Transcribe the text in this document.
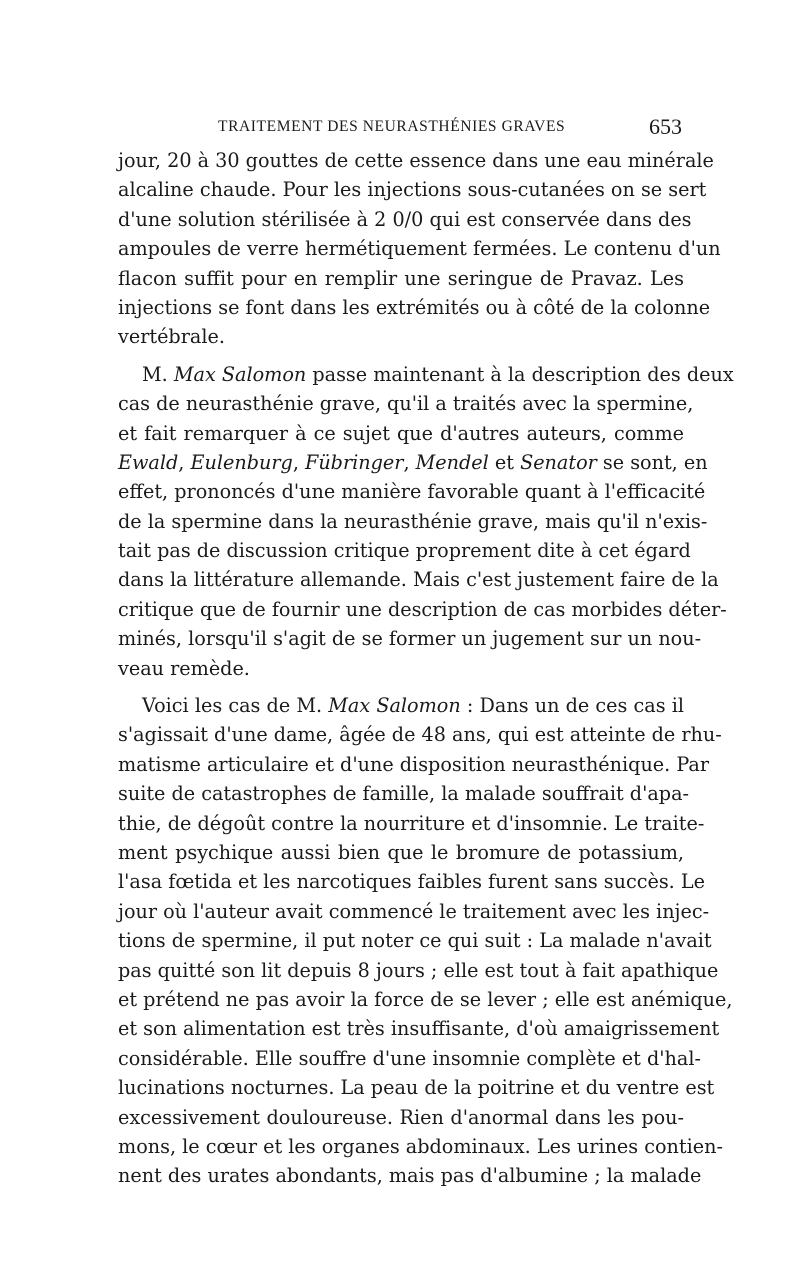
TRAITEMENT DES NEURASTHÉNIES GRAVES	653
jour, 20 à 30 gouttes de cette essence dans une eau minérale
alcaline chaude. Pour les injections sous-cutanées on se sert
d'une solution stérilisée à 2 0/0 qui est conservée dans des
ampoules de verre hermétiquement fermées. Le contenu d'un
flacon suffit pour en remplir une seringue de Pravaz. Les
injections se font dans les extrémités ou à côté de la colonne
vertébrale.
M. Max Salomon passe maintenant à la description des deux
cas de neurasthénie grave, qu'il a traités avec la spermine,
et fait remarquer à ce sujet que d'autres auteurs, comme
Ewald, Eulenburg, Fübringer, Mendel et Senator se sont, en
effet, prononcés d'une manière favorable quant à l'efficacité
de la spermine dans la neurasthénie grave, mais qu'il n'exis-
tait pas de discussion critique proprement dite à cet égard
dans la littérature allemande. Mais c'est justement faire de la
critique que de fournir une description de cas morbides déter-
minés, lorsqu'il s'agit de se former un jugement sur un nou-
veau remède.
Voici les cas de M. Max Salomon : Dans un de ces cas il
s'agissait d'une dame, âgée de 48 ans, qui est atteinte de rhu-
matisme articulaire et d'une disposition neurasthénique. Par
suite de catastrophes de famille, la malade souffrait d'apa-
thie, de dégoût contre la nourriture et d'insomnie. Le traite-
ment psychique aussi bien que le bromure de potassium,
l'asa fœtida et les narcotiques faibles furent sans succès. Le
jour où l'auteur avait commencé le traitement avec les injec-
tions de spermine, il put noter ce qui suit : La malade n'avait
pas quitté son lit depuis 8 jours ; elle est tout à fait apathique
et prétend ne pas avoir la force de se lever ; elle est anémique,
et son alimentation est très insuffisante, d'où amaigrissement
considérable. Elle souffre d'une insomnie complète et d'hal-
lucinations nocturnes. La peau de la poitrine et du ventre est
excessivement douloureuse. Rien d'anormal dans les pou-
mons, le cœur et les organes abdominaux. Les urines contien-
nent des urates abondants, mais pas d'albumine ; la malade
